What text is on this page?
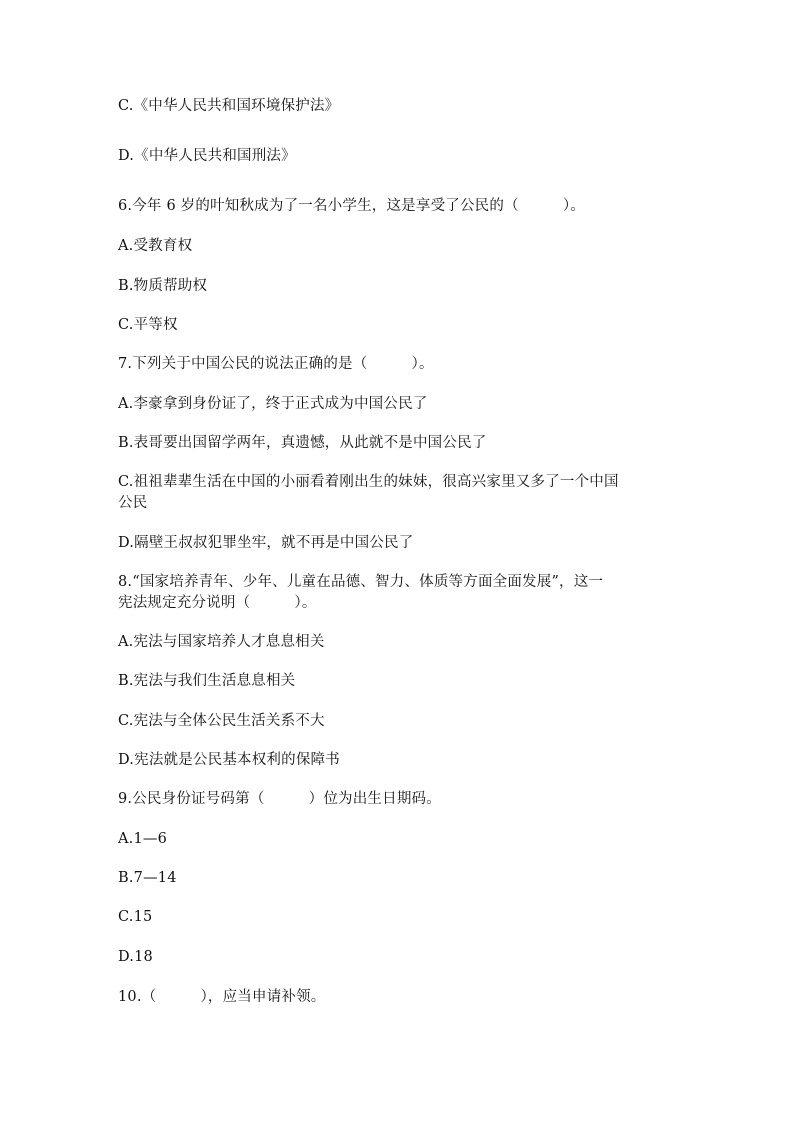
C.《中华人民共和国环境保护法》
D.《中华人民共和国刑法》
6.今年 6 岁的叶知秋成为了一名小学生，这是享受了公民的（　　　）。
A.受教育权
B.物质帮助权
C.平等权
7.下列关于中国公民的说法正确的是（　　　）。
A.李豪拿到身份证了，终于正式成为中国公民了
B.表哥要出国留学两年，真遗憾，从此就不是中国公民了
C.祖祖辈辈生活在中国的小丽看着刚出生的妹妹，很高兴家里又多了一个中国
公民
D.隔壁王叔叔犯罪坐牢，就不再是中国公民了
8.“国家培养青年、少年、儿童在品德、智力、体质等方面全面发展”，这一
宪法规定充分说明（　　　）。
A.宪法与国家培养人才息息相关
B.宪法与我们生活息息相关
C.宪法与全体公民生活关系不大
D.宪法就是公民基本权利的保障书
9.公民身份证号码第（　　　）位为出生日期码。
A.1—6
B.7—14
C.15
D.18
10.（　　　），应当申请补领。
